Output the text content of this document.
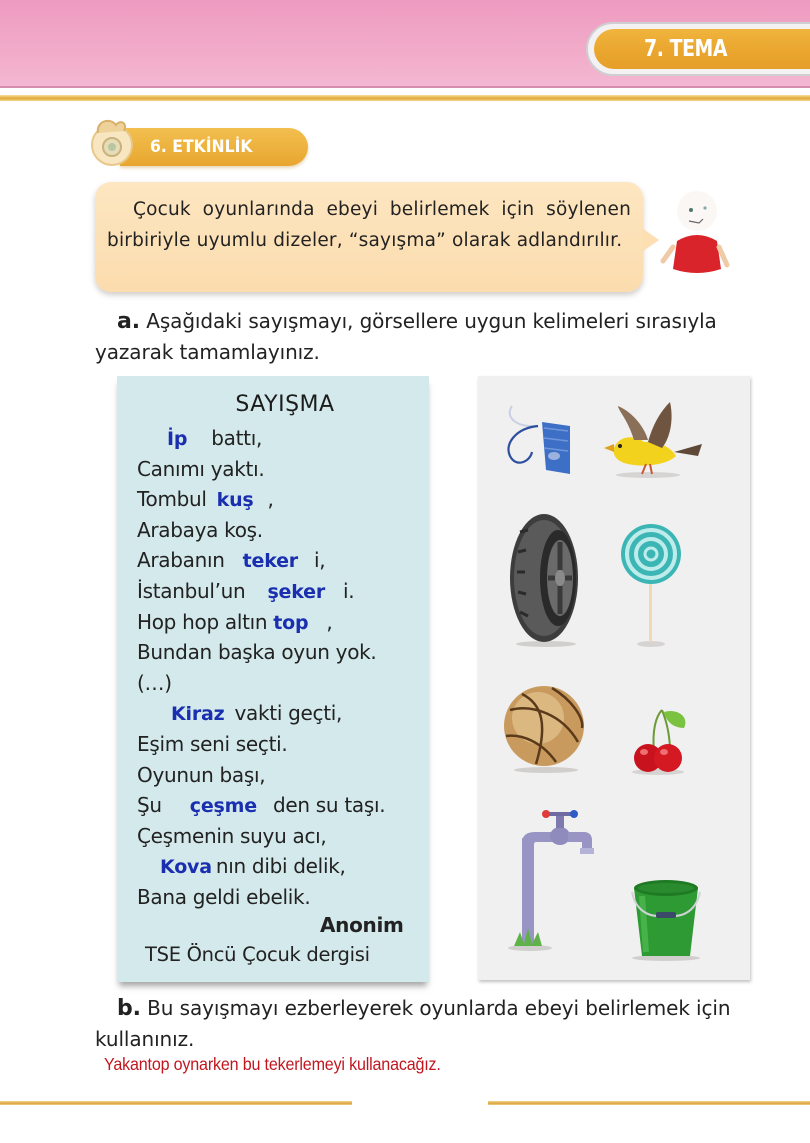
7. TEMA
6. ETKİNLİK

Çocuk oyunlarında ebeyi belirlemek için söylenen birbiriyle uyumlu dizeler, “sayışma” olarak adlandırılır.

a. Aşağıdaki sayışmayı, görsellere uygun kelimeleri sırasıyla yazarak tamamlayınız.

SAYIŞMA
İp battı,
Canımı yaktı.
Tombul kuş ,
Arabaya koş.
Arabanın teker i,
İstanbul’un şeker i.
Hop hop altın top ,
Bundan başka oyun yok.
(…)
Kiraz vakti geçti,
Eşim seni seçti.
Oyunun başı,
Şu çeşme den su taşı.
Çeşmenin suyu acı,
Kova nın dibi delik,
Bana geldi ebelik.
Anonim
TSE Öncü Çocuk dergisi

b. Bu sayışmayı ezberleyerek oyunlarda ebeyi belirlemek için kullanınız.

Yakantop oynarken bu tekerlemeyi kullanacağız.
